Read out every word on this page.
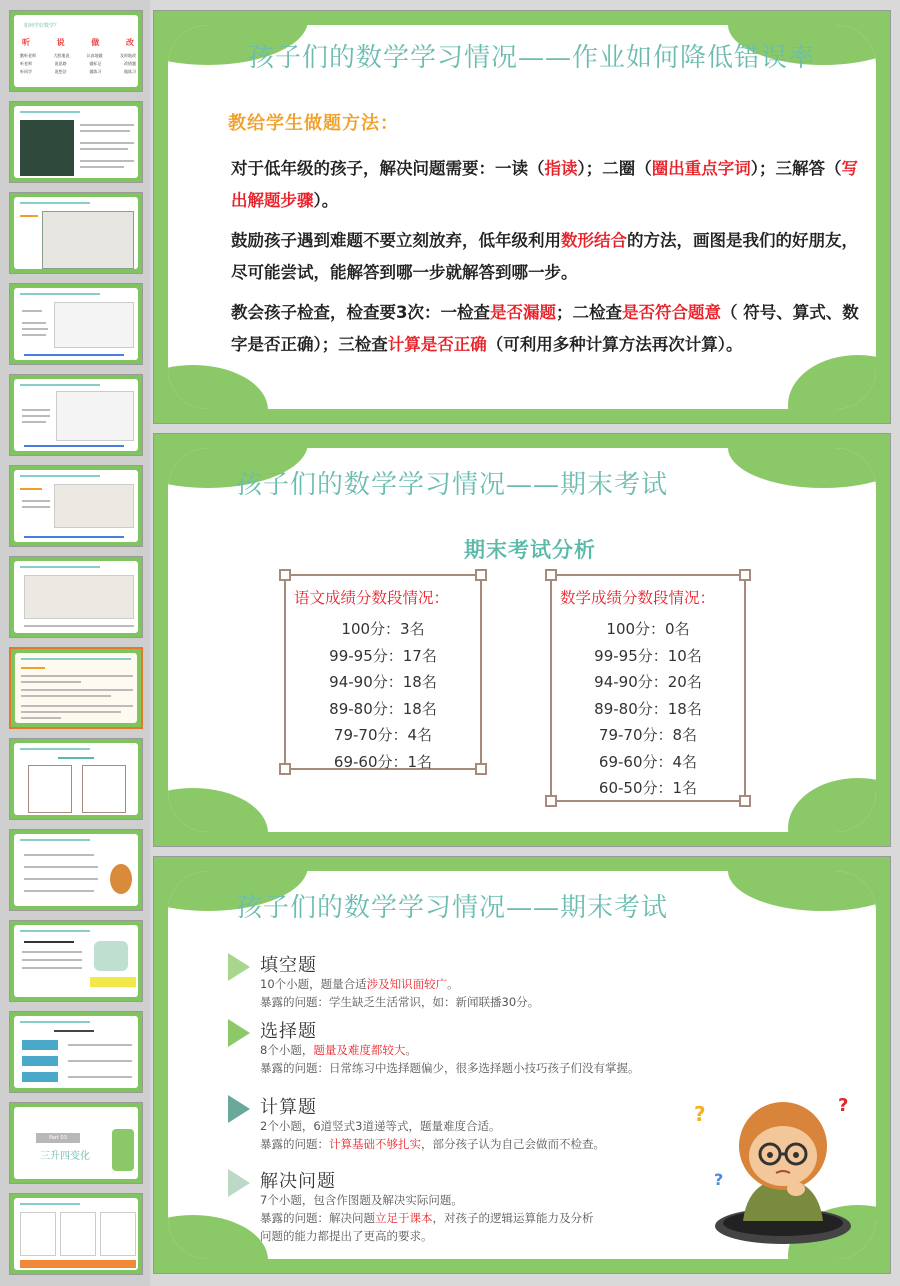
如何学好数学？
听	说	做	改
勤听老师	大胆地说	认真地做	及时地改
听老师	说思路	做标记	改错题
听同学	说想法	做练习	做练习
Part 03
三升四变化
孩子们的数学学习情况——作业如何降低错误率
教给学生做题方法：

对于低年级的孩子，解决问题需要：一读（指读）；二圈（圈出重点字词）；三解答（写出解题步骤）。

鼓励孩子遇到难题不要立刻放弃，低年级利用数形结合的方法，画图是我们的好朋友，尽可能尝试，能解答到哪一步就解答到哪一步。

教会孩子检查，检查要3次：一检查是否漏题；二检查是否符合题意（ 符号、算式、数字是否正确）；三检查计算是否正确（可利用多种计算方法再次计算）。

孩子们的数学学习情况——期末考试
期末考试分析
语文成绩分数段情况：
100分：3名
99-95分：17名
94-90分：18名
89-80分：18名
79-70分：4名
69-60分：1名
数学成绩分数段情况：
100分：0名
99-95分：10名
94-90分：20名
89-80分：18名
79-70分：8名
69-60分：4名
60-50分：1名
孩子们的数学学习情况——期末考试
填空题
10个小题，题量合适涉及知识面较广。
暴露的问题：学生缺乏生活常识，如：新闻联播30分。
选择题
8个小题，题量及难度都较大。
暴露的问题：日常练习中选择题偏少，很多选择题小技巧孩子们没有掌握。
计算题
2个小题，6道竖式3道递等式，题量难度合适。
暴露的问题：计算基础不够扎实，部分孩子认为自己会做而不检查。
解决问题
7个小题，包含作图题及解决实际问题。
暴露的问题：解决问题立足于课本，对孩子的逻辑运算能力及分析
问题的能力都提出了更高的要求。
?	?
?
